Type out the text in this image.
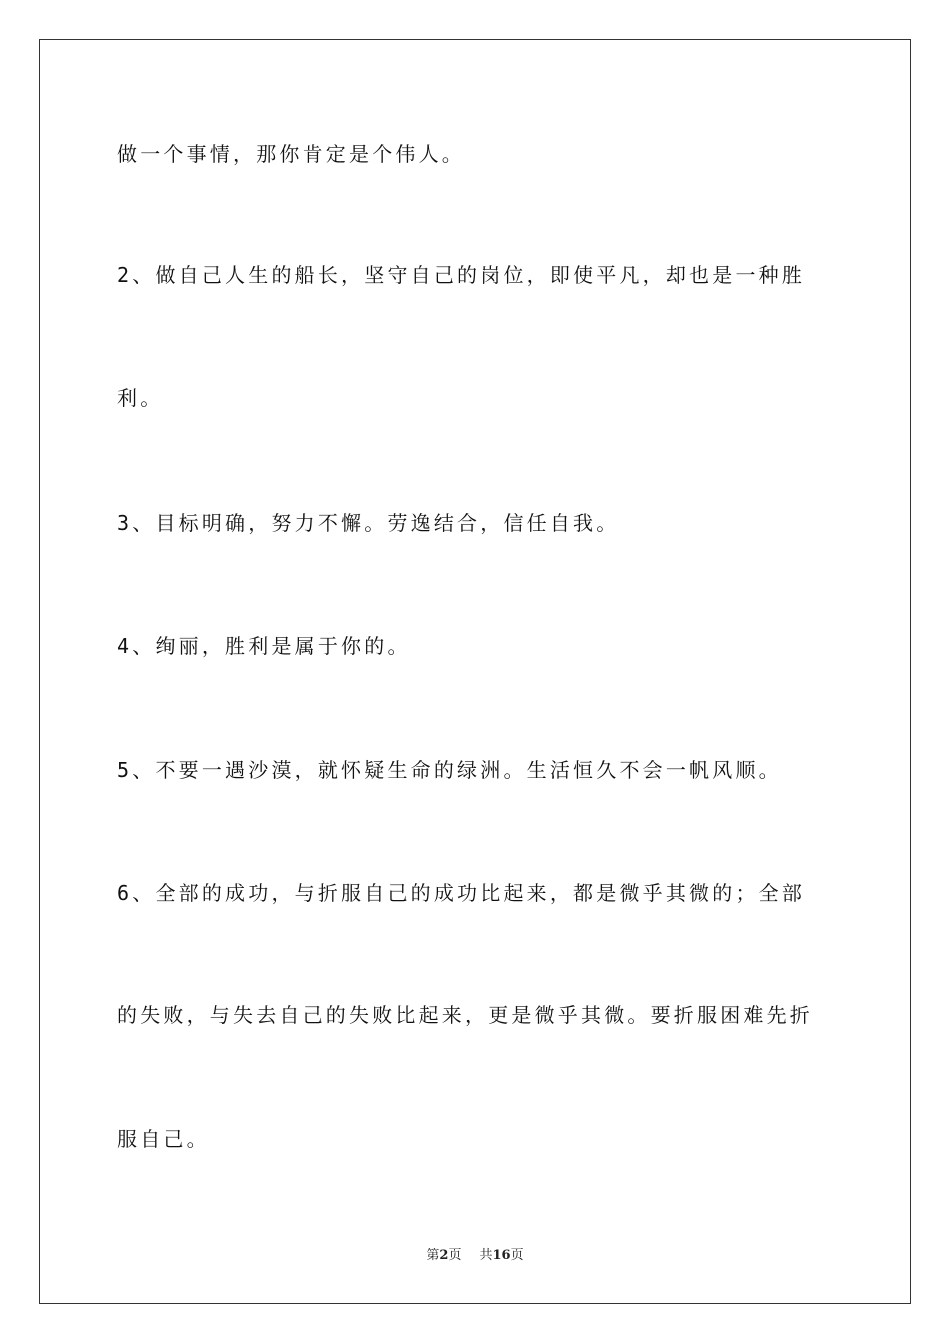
做一个事情，那你肯定是个伟人。
2、做自己人生的船长，坚守自己的岗位，即使平凡，却也是一种胜
利。
3、目标明确，努力不懈。劳逸结合，信任自我。
4、绚丽，胜利是属于你的。
5、不要一遇沙漠，就怀疑生命的绿洲。生活恒久不会一帆风顺。
6、全部的成功，与折服自己的成功比起来，都是微乎其微的；全部
的失败，与失去自己的失败比起来，更是微乎其微。要折服困难先折
服自己。
第2页 共16页
